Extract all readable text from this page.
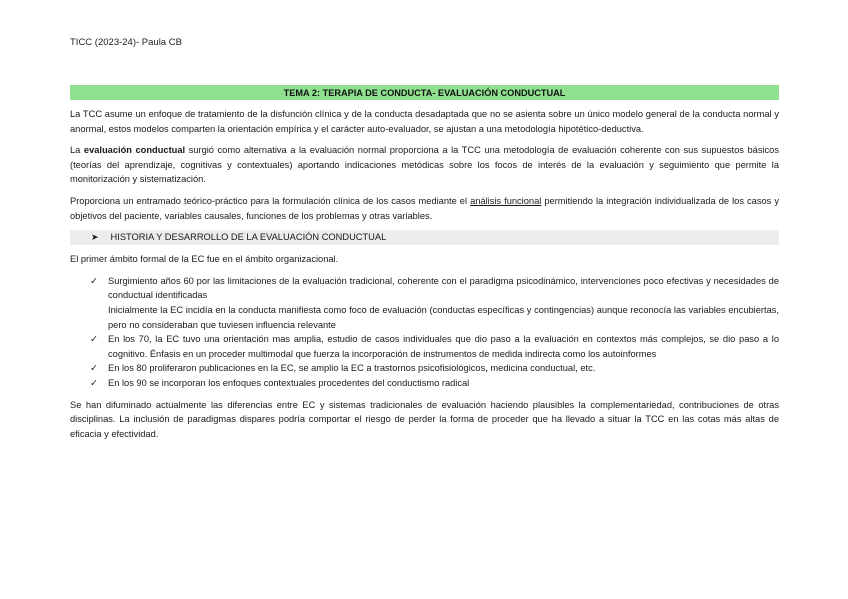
TICC (2023-24)- Paula CB
TEMA 2: TERAPIA DE CONDUCTA- EVALUACIÓN CONDUCTUAL

La TCC asume un enfoque de tratamiento de la disfunción clínica y de la conducta desadaptada que no se asienta sobre un único modelo general de la conducta normal y anormal, estos modelos comparten la orientación empírica y el carácter auto-evaluador, se ajustan a una metodología hipotético-deductiva.

La evaluación conductual surgió como alternativa a la evaluación normal proporciona a la TCC una metodología de evaluación coherente con sus supuestos básicos (teorías del aprendizaje, cognitivas y contextuales) aportando indicaciones metódicas sobre los focos de interés de la evaluación y seguimiento que permite la monitorización y sistematización.

Proporciona un entramado teórico-práctico para la formulación clínica de los casos mediante el análisis funcional permitiendo la integración individualizada de los casos y objetivos del paciente, variables causales, funciones de los problemas y otras variables.

➤ HISTORIA Y DESARROLLO DE LA EVALUACIÓN CONDUCTUAL

El primer ámbito formal de la EC fue en el ámbito organizacional.

✓ Surgimiento años 60 por las limitaciones de la evaluación tradicional, coherente con el paradigma psicodinámico, intervenciones poco efectivas y necesidades de conductual identificadas
Inicialmente la EC incidía en la conducta manifiesta como foco de evaluación (conductas específicas y contingencias) aunque reconocía las variables encubiertas, pero no consideraban que tuviesen influencia relevante
✓ En los 70, la EC tuvo una orientación mas amplia, estudio de casos individuales que dio paso a la evaluación en contextos más complejos, se dio paso a lo cognitivo. Énfasis en un proceder multimodal que fuerza la incorporación de instrumentos de medida indirecta como los autoinformes
✓ En los 80 proliferaron publicaciones en la EC, se amplio la EC a trastornos psicofisiológicos, medicina conductual, etc.
✓ En los 90 se incorporan los enfoques contextuales procedentes del conductismo radical

Se han difuminado actualmente las diferencias entre EC y sistemas tradicionales de evaluación haciendo plausibles la complementariedad, contribuciones de otras disciplinas. La inclusión de paradigmas dispares podría comportar el riesgo de perder la forma de proceder que ha llevado a situar la TCC en las cotas más altas de eficacia y efectividad.
